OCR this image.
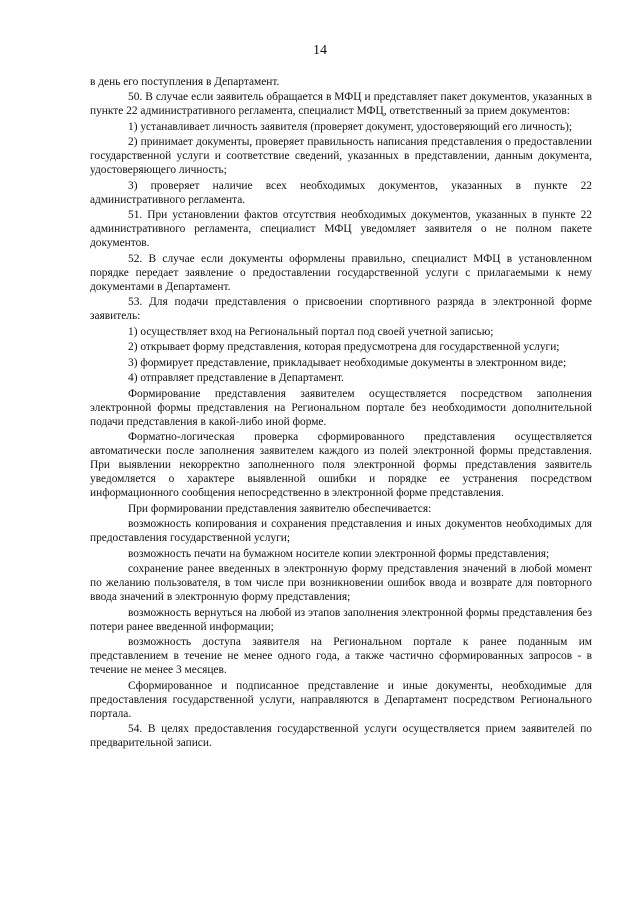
14

в день его поступления в Департамент.

50. В случае если заявитель обращается в МФЦ и представляет пакет документов, указанных в пункте 22 административного регламента, специалист МФЦ, ответственный за прием документов:

1) устанавливает личность заявителя (проверяет документ, удостоверяющий его личность);

2) принимает документы, проверяет правильность написания представления о предоставлении государственной услуги и соответствие сведений, указанных в представлении, данным документа, удостоверяющего личность;

3) проверяет наличие всех необходимых документов, указанных в пункте 22 административного регламента.

51. При установлении фактов отсутствия необходимых документов, указанных в пункте 22 административного регламента, специалист МФЦ уведомляет заявителя о не полном пакете документов.

52. В случае если документы оформлены правильно, специалист МФЦ в установленном порядке передает заявление о предоставлении государственной услуги с прилагаемыми к нему документами в Департамент.

53. Для подачи представления о присвоении спортивного разряда в электронной форме заявитель:

1) осуществляет вход на Региональный портал под своей учетной записью;

2) открывает форму представления, которая предусмотрена для государственной услуги;

3) формирует представление, прикладывает необходимые документы в электронном виде;

4) отправляет представление в Департамент.

Формирование представления заявителем осуществляется посредством заполнения электронной формы представления на Региональном портале без необходимости дополнительной подачи представления в какой-либо иной форме.

Форматно-логическая проверка сформированного представления осуществляется автоматически после заполнения заявителем каждого из полей электронной формы представления. При выявлении некорректно заполненного поля электронной формы представления заявитель уведомляется о характере выявленной ошибки и порядке ее устранения посредством информационного сообщения непосредственно в электронной форме представления.

При формировании представления заявителю обеспечивается:

возможность копирования и сохранения представления и иных документов необходимых для предоставления государственной услуги;

возможность печати на бумажном носителе копии электронной формы представления;

сохранение ранее введенных в электронную форму представления значений в любой момент по желанию пользователя, в том числе при возникновении ошибок ввода и возврате для повторного ввода значений в электронную форму представления;

возможность вернуться на любой из этапов заполнения электронной формы представления без потери ранее введенной информации;

возможность доступа заявителя на Региональном портале к ранее поданным им представлением в течение не менее одного года, а также частично сформированных запросов - в течение не менее 3 месяцев.

Сформированное и подписанное представление и иные документы, необходимые для предоставления государственной услуги, направляются в Департамент посредством Регионального портала.

54. В целях предоставления государственной услуги осуществляется прием заявителей по предварительной записи.
